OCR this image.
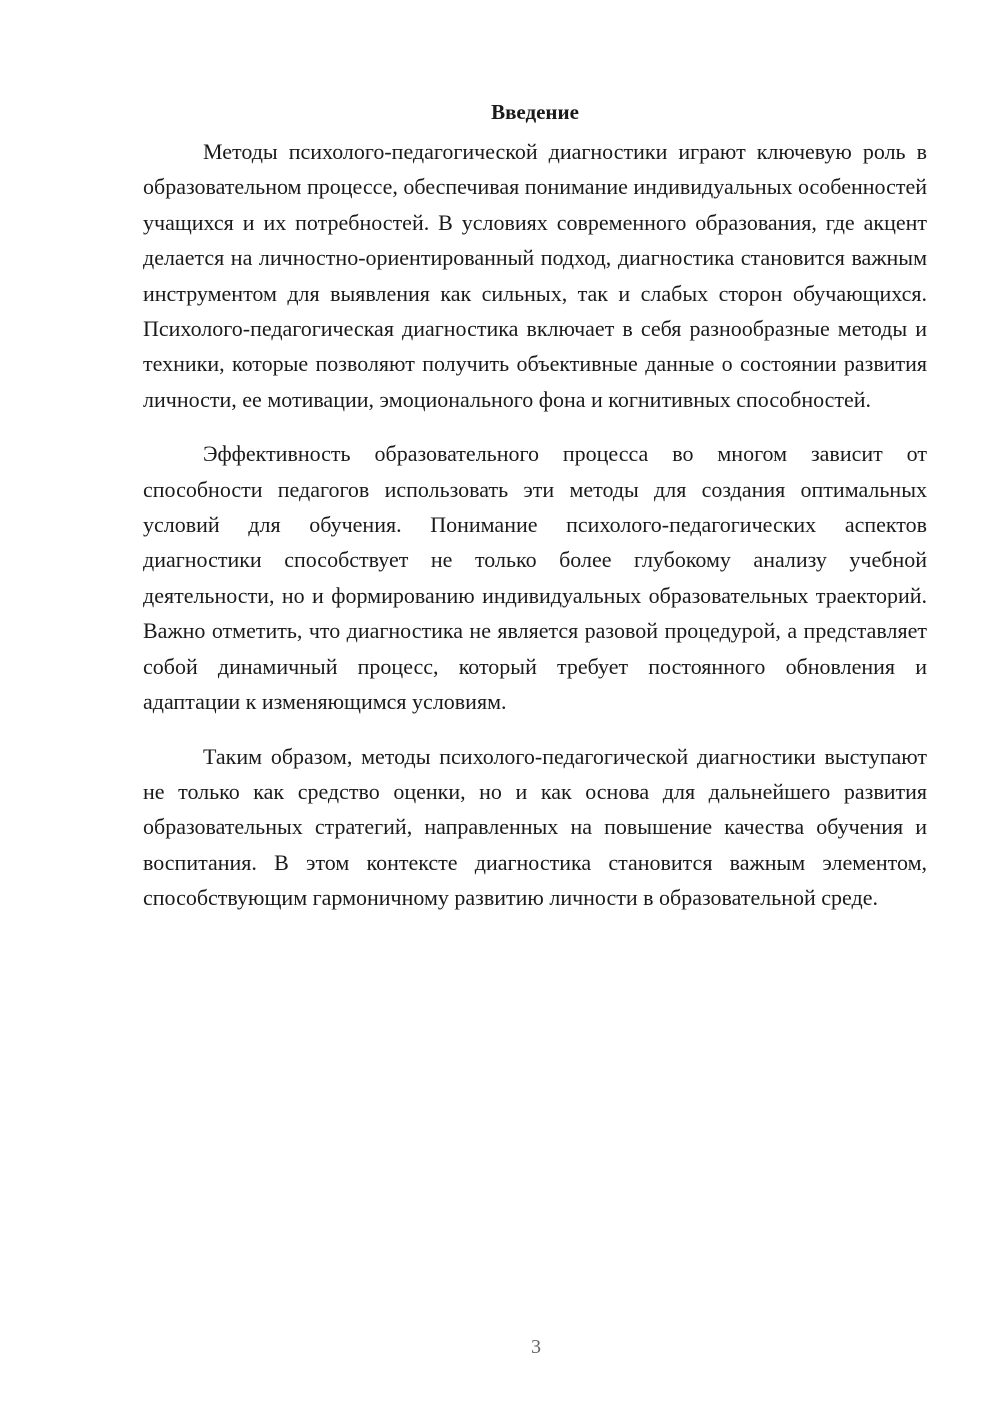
Введение

Методы психолого-педагогической диагностики играют ключевую роль в образовательном процессе, обеспечивая понимание индивидуальных особенностей учащихся и их потребностей. В условиях современного образования, где акцент делается на личностно-ориентированный подход, диагностика становится важным инструментом для выявления как сильных, так и слабых сторон обучающихся. Психолого-педагогическая диагностика включает в себя разнообразные методы и техники, которые позволяют получить объективные данные о состоянии развития личности, ее мотивации, эмоционального фона и когнитивных способностей.

Эффективность образовательного процесса во многом зависит от способности педагогов использовать эти методы для создания оптимальных условий для обучения. Понимание психолого-педагогических аспектов диагностики способствует не только более глубокому анализу учебной деятельности, но и формированию индивидуальных образовательных траекторий. Важно отметить, что диагностика не является разовой процедурой, а представляет собой динамичный процесс, который требует постоянного обновления и адаптации к изменяющимся условиям.

Таким образом, методы психолого-педагогической диагностики выступают не только как средство оценки, но и как основа для дальнейшего развития образовательных стратегий, направленных на повышение качества обучения и воспитания. В этом контексте диагностика становится важным элементом, способствующим гармоничному развитию личности в образовательной среде.

3
